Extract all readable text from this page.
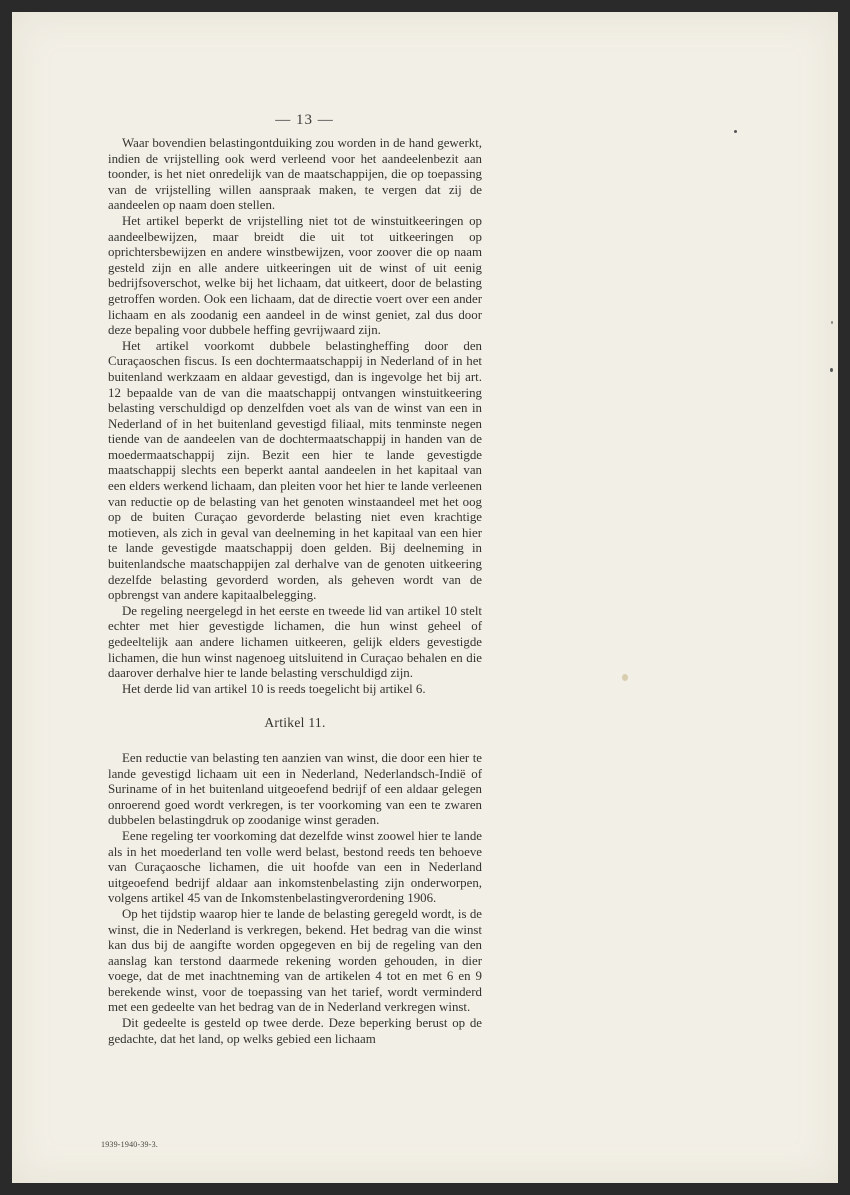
— 13 —

Waar bovendien belastingontduiking zou worden in de hand gewerkt, indien de vrijstelling ook werd verleend voor het aandeelenbezit aan toonder, is het niet onredelijk van de maatschappijen, die op toepassing van de vrijstelling willen aanspraak maken, te vergen dat zij de aandeelen op naam doen stellen.

Het artikel beperkt de vrijstelling niet tot de winstuitkeeringen op aandeelbewijzen, maar breidt die uit tot uitkeeringen op oprichtersbewijzen en andere winstbewijzen, voor zoover die op naam gesteld zijn en alle andere uitkeeringen uit de winst of uit eenig bedrijfsoverschot, welke bij het lichaam, dat uitkeert, door de belasting getroffen worden. Ook een lichaam, dat de directie voert over een ander lichaam en als zoodanig een aandeel in de winst geniet, zal dus door deze bepaling voor dubbele heffing gevrijwaard zijn.

Het artikel voorkomt dubbele belastingheffing door den Curaçaoschen fiscus. Is een dochtermaatschappij in Nederland of in het buitenland werkzaam en aldaar gevestigd, dan is ingevolge het bij art. 12 bepaalde van de van die maatschappij ontvangen winstuitkeering belasting verschuldigd op denzelfden voet als van de winst van een in Nederland of in het buitenland gevestigd filiaal, mits tenminste negen tiende van de aandeelen van de dochtermaatschappij in handen van de moedermaatschappij zijn. Bezit een hier te lande gevestigde maatschappij slechts een beperkt aantal aandeelen in het kapitaal van een elders werkend lichaam, dan pleiten voor het hier te lande verleenen van reductie op de belasting van het genoten winstaandeel met het oog op de buiten Curaçao gevorderde belasting niet even krachtige motieven, als zich in geval van deelneming in het kapitaal van een hier te lande gevestigde maatschappij doen gelden. Bij deelneming in buitenlandsche maatschappijen zal derhalve van de genoten uitkeering dezelfde belasting gevorderd worden, als geheven wordt van de opbrengst van andere kapitaalbelegging.

De regeling neergelegd in het eerste en tweede lid van artikel 10 stelt echter met hier gevestigde lichamen, die hun winst geheel of gedeeltelijk aan andere lichamen uitkeeren, gelijk elders gevestigde lichamen, die hun winst nagenoeg uitsluitend in Curaçao behalen en die daarover derhalve hier te lande belasting verschuldigd zijn.

Het derde lid van artikel 10 is reeds toegelicht bij artikel 6.

Artikel 11.

Een reductie van belasting ten aanzien van winst, die door een hier te lande gevestigd lichaam uit een in Nederland, Nederlandsch-Indië of Suriname of in het buitenland uitgeoefend bedrijf of een aldaar gelegen onroerend goed wordt verkregen, is ter voorkoming van een te zwaren dubbelen belastingdruk op zoodanige winst geraden.

Eene regeling ter voorkoming dat dezelfde winst zoowel hier te lande als in het moederland ten volle werd belast, bestond reeds ten behoeve van Curaçaosche lichamen, die uit hoofde van een in Nederland uitgeoefend bedrijf aldaar aan inkomstenbelasting zijn onderworpen, volgens artikel 45 van de Inkomstenbelastingverordening 1906.

Op het tijdstip waarop hier te lande de belasting geregeld wordt, is de winst, die in Nederland is verkregen, bekend. Het bedrag van die winst kan dus bij de aangifte worden opgegeven en bij de regeling van den aanslag kan terstond daarmede rekening worden gehouden, in dier voege, dat de met inachtneming van de artikelen 4 tot en met 6 en 9 berekende winst, voor de toepassing van het tarief, wordt verminderd met een gedeelte van het bedrag van de in Nederland verkregen winst.

Dit gedeelte is gesteld op twee derde. Deze beperking berust op de gedachte, dat het land, op welks gebied een lichaam

1939-1940-39-3.
